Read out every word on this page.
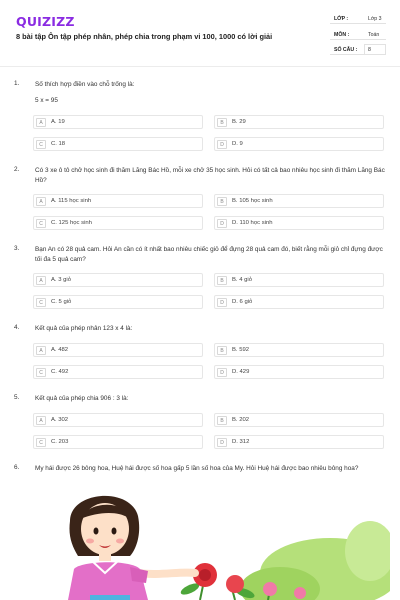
QUIZIZZ
8 bài tập Ôn tập phép nhân, phép chia trong phạm vi 100, 1000 có lời giải
LỚP :	Lớp 3
MÔN :	Toán
SỐ CÂU : 8
1. Số thích hợp điền vào chỗ trống là:
5 x = 95
A	A. 19	B	B. 29
C	C. 18	D	D. 9
2. Có 3 xe ô tô chở học sinh đi thăm Lăng Bác Hồ, mỗi xe chở 35 học sinh. Hỏi có tất cả bao nhiêu học sinh đi thăm Lăng Bác Hồ?
A	A. 115 học sinh	B	B. 105 học sinh
C	C. 125 học sinh	D	D. 110 học sinh
3. Bạn An có 28 quả cam. Hỏi An cần có ít nhất bao nhiêu chiếc giỏ để đựng 28 quả cam đó, biết rằng mỗi giỏ chỉ đựng được tối đa 5 quả cam?
A	A. 3 giỏ	B	B. 4 giỏ
C	C. 5 giỏ	D	D. 6 giỏ
4. Kết quả của phép nhân 123 x 4 là:
A	A. 482	B	B. 592
C	C. 492	D	D. 429
5. Kết quả của phép chia 906 : 3 là:
A	A. 302	B	B. 202
C	C. 203	D	D. 312
6. My hái được 26 bông hoa, Huệ hái được số hoa gấp 5 lần số hoa của My. Hỏi Huệ hái được bao nhiêu bông hoa?
